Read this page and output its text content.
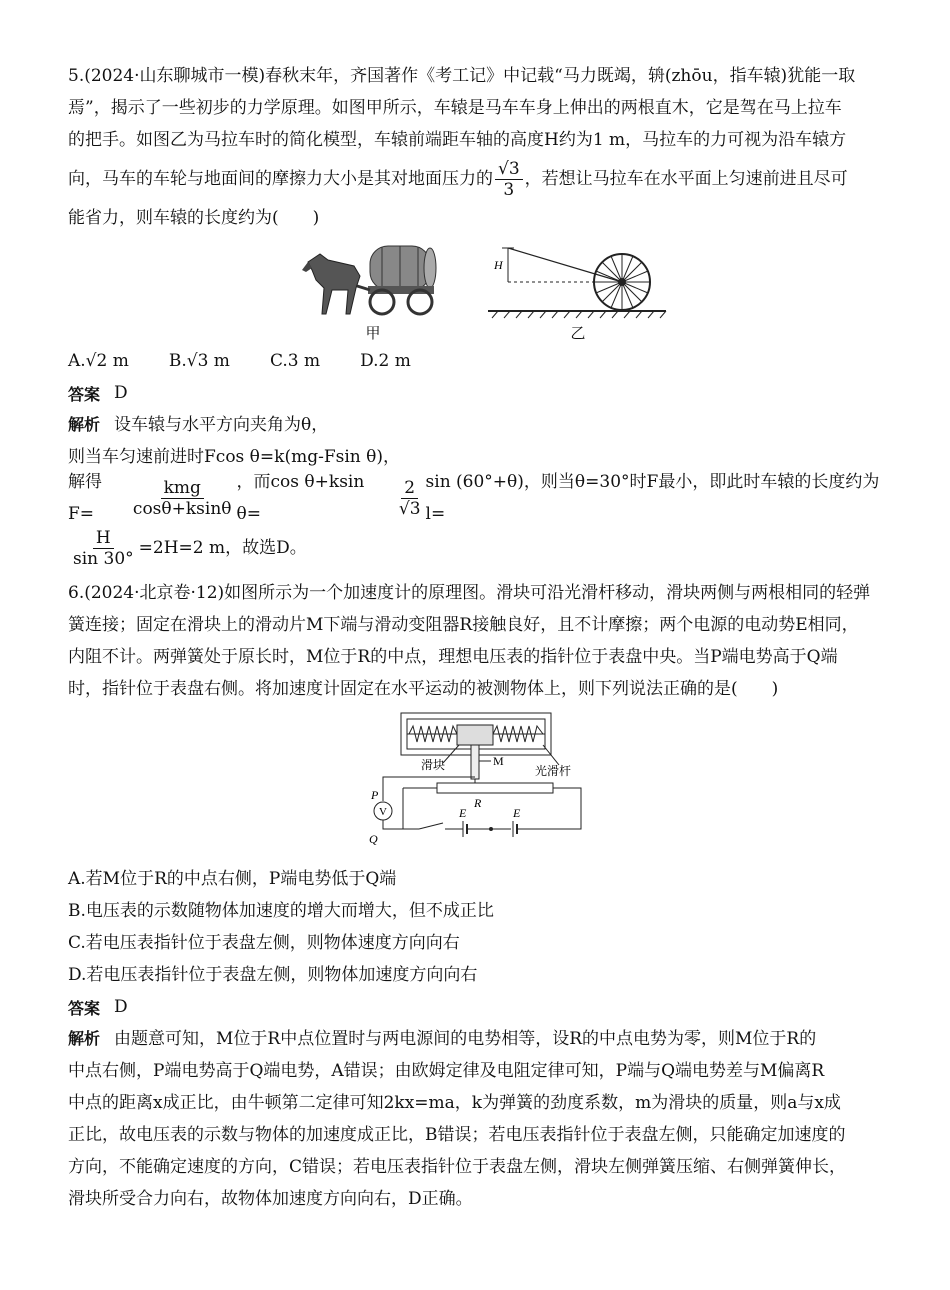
5.(2024·山东聊城市一模)春秋末年，齐国著作《考工记》中记载“马力既竭，辀(zhōu，指车辕)犹能一取

焉”，揭示了一些初步的力学原理。如图甲所示，车辕是马车车身上伸出的两根直木，它是驾在马上拉车

的把手。如图乙为马拉车时的简化模型，车辕前端距车轴的高度H约为1 m，马拉车的力可视为沿车辕方

向，马车的车轮与地面间的摩擦力大小是其对地面压力的 $\frac{√3}{3}$ ，若想让马拉车在水平面上匀速前进且尽可

能省力，则车辕的长度约为(　　)

甲
H
乙
A.√2 m B.√3 m C.3 m D.2 m
答案 D
解析 设车辕与水平方向夹角为θ，

则当车匀速前进时Fcos θ=k(mg-Fsin θ)，

解得F=	$\frac{\text{kmg}}{\cos\theta+ksin\theta}$ ，而cos θ+ksin θ=	$\frac{2}{√3}$ sin (60°+θ)，则当θ=30°时F最小，即此时车辕的长度约为l=
$\frac{H}{\sin 30^\circ} =2H=2$ m，故选D。

6.(2024·北京卷·12)如图所示为一个加速度计的原理图。滑块可沿光滑杆移动，滑块两侧与两根相同的轻弹

簧连接；固定在滑块上的滑动片M下端与滑动变阻器R接触良好，且不计摩擦；两个电源的电动势E相同，

内阻不计。两弹簧处于原长时，M位于R的中点，理想电压表的指针位于表盘中央。当P端电势高于Q端

时，指针位于表盘右侧。将加速度计固定在水平运动的被测物体上，则下列说法正确的是(　　)

滑块	M
光滑杆
R
V
P
Q
E	E

A.若M位于R的中点右侧，P端电势低于Q端

B.电压表的示数随物体加速度的增大而增大，但不成正比

C.若电压表指针位于表盘左侧，则物体速度方向向右

D.若电压表指针位于表盘左侧，则物体加速度方向向右

答案 D
解析 由题意可知，M位于R中点位置时与两电源间的电势相等，设R的中点电势为零，则M位于R的

中点右侧，P端电势高于Q端电势，A错误；由欧姆定律及电阻定律可知，P端与Q端电势差与M偏离R

中点的距离x成正比，由牛顿第二定律可知2kx=ma，k为弹簧的劲度系数，m为滑块的质量，则a与x成

正比，故电压表的示数与物体的加速度成正比，B错误；若电压表指针位于表盘左侧，只能确定加速度的

方向，不能确定速度的方向，C错误；若电压表指针位于表盘左侧，滑块左侧弹簧压缩、右侧弹簧伸长，

滑块所受合力向右，故物体加速度方向向右，D正确。
